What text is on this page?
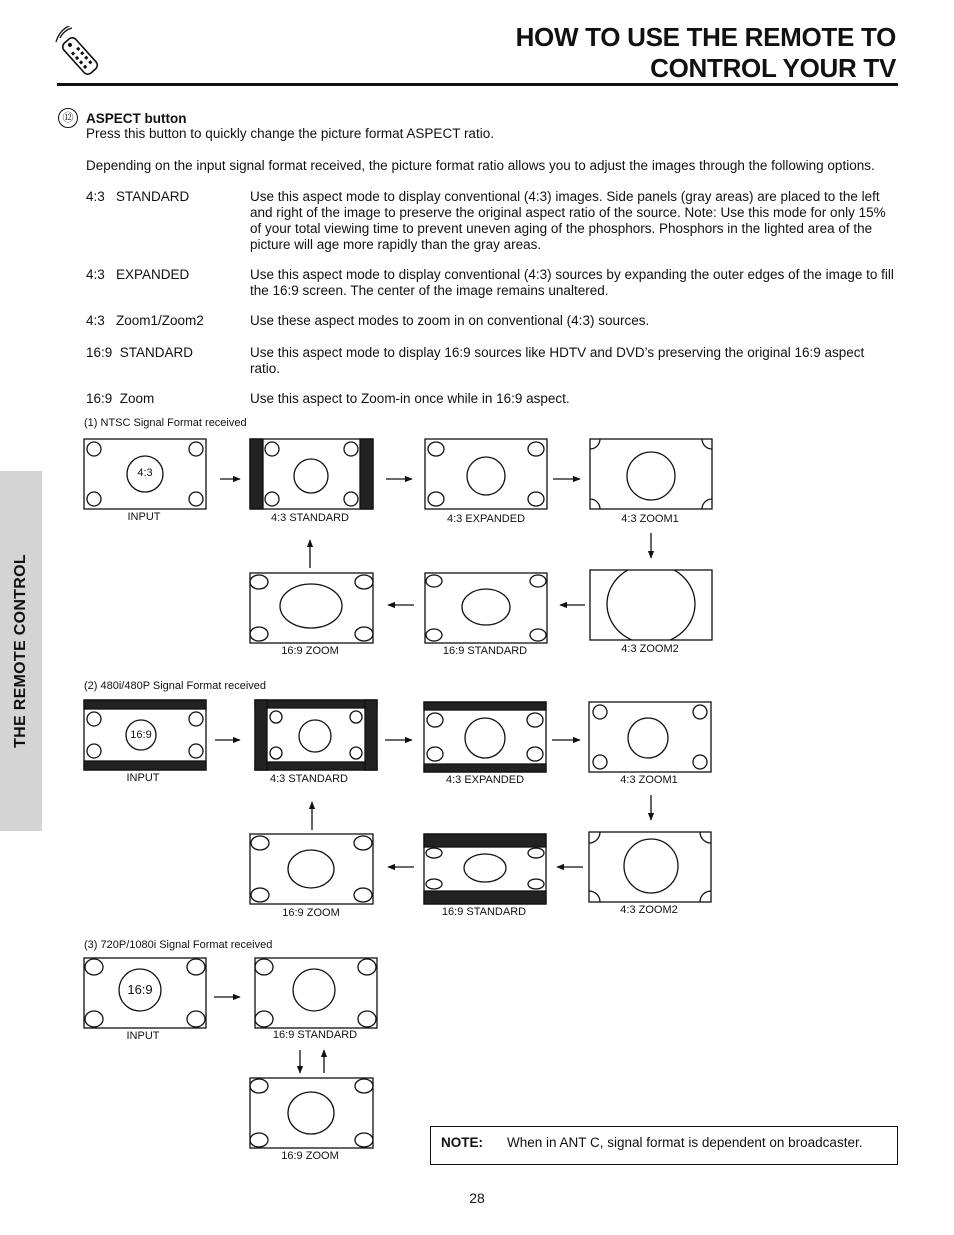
HOW TO USE THE REMOTE TO
CONTROL YOUR TV
THE REMOTE CONTROL
⑫ ASPECT button
Press this button to quickly change the picture format ASPECT ratio.
Depending on the input signal format received, the picture format ratio allows you to adjust the images through the following options.
4:3   STANDARD	Use this aspect mode to display conventional (4:3) images. Side panels (gray areas) are placed to the left and right of the image to preserve the original aspect ratio of the source. Note: Use this mode for only 15% of your total viewing time to prevent uneven aging of the phosphors. Phosphors in the lighted area of the picture will age more rapidly than the gray areas.
4:3   EXPANDED	Use this aspect mode to display conventional (4:3) sources by expanding the outer edges of the image to fill the 16:9 screen. The center of the image remains unaltered.
4:3   Zoom1/Zoom2	Use these aspect modes to zoom in on conventional (4:3) sources.
16:9  STANDARD	Use this aspect mode to display 16:9 sources like HDTV and DVD’s preserving the original 16:9 aspect ratio.
16:9  Zoom	Use this aspect to Zoom-in once while in 16:9 aspect.
(1) NTSC Signal Format received
(2) 480i/480P Signal Format received
(3) 720P/1080i Signal Format received
4:3
16:9
16:9
INPUT	4:3 STANDARD	4:3 EXPANDED	4:3 ZOOM1
16:9 ZOOM	16:9 STANDARD	4:3 ZOOM2
INPUT	4:3 STANDARD	4:3 EXPANDED	4:3 ZOOM1
16:9 ZOOM	16:9 STANDARD	4:3 ZOOM2
INPUT	16:9 STANDARD
16:9 ZOOM
NOTE: When in ANT C, signal format is dependent on broadcaster.
28
